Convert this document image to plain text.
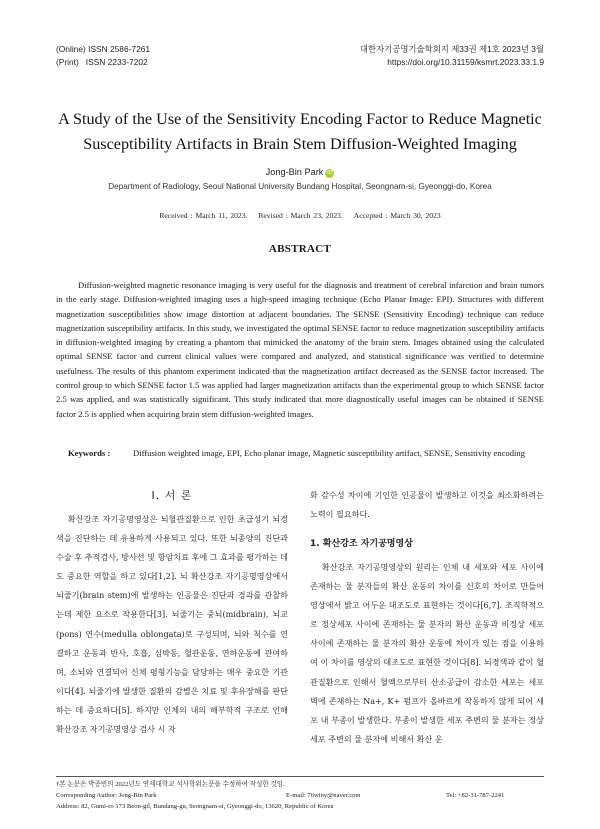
(Online) ISSN 2586-7261
(Print)   ISSN 2233-7202
대한자기공명기술학회지 제33권 제1호 2023년 3월
https://doi.org/10.31159/ksmrt.2023.33.1.9
A Study of the Use of the Sensitivity Encoding Factor to Reduce Magnetic
Susceptibility Artifacts in Brain Stem Diffusion-Weighted Imaging
Jong-Bin Park iD
Department of Radiology, Seoul National University Bundang Hospital, Seongnam-si, Gyeonggi-do, Korea
Received : March 11, 2023. Revised : March 23, 2023. Accepted : March 30, 2023
ABSTRACT
Diffusion-weighted magnetic resonance imaging is very useful for the diagnosis and treatment of cerebral infarction and brain tumors in the early stage. Diffusion-weighted imaging uses a high-speed imaging technique (Echo Planar Image: EPI). Structures with different magnetization susceptibilities show image distortion at adjacent boundaries. The SENSE (Sensitivity Encoding) technique can reduce magnetization susceptibility artifacts. In this study, we investigated the optimal SENSE factor to reduce magnetization susceptibility artifacts in diffusion-weighted imaging by creating a phantom that mimicked the anatomy of the brain stem. Images obtained using the calculated optimal SENSE factor and current clinical values were compared and analyzed, and statistical significance was verified to determine usefulness. The results of this phantom experiment indicated that the magnetization artifact decreased as the SENSE factor increased. The control group to which SENSE factor 1.5 was applied had larger magnetization artifacts than the experimental group to which SENSE factor 2.5 was applied, and was statistically significant. This study indicated that more diagnostically useful images can be obtained if SENSE factor 2.5 is applied when acquiring brain stem diffusion-weighted images.
Keywords :	Diffusion weighted image, EPI, Echo planar image, Magnetic susceptibility artifact, SENSE, Sensitivity encoding
Ⅰ. 서 론

확산강조 자기공명영상은 뇌혈관질환으로 인한 초급성기 뇌경색을 진단하는 데 유용하게 사용되고 있다. 또한 뇌종양의 진단과 수술 후 추적검사, 방사선 및 항암치료 후에 그 효과를 평가하는 데도 중요한 역할을 하고 있다[1,2]. 뇌 확산강조 자기공명영상에서 뇌줄기(brain stem)에 발생하는 인공물은 진단과 경과를 관찰하는데 제한 요소로 작용한다[3]. 뇌줄기는 중뇌(midbrain), 뇌교(pons) 연수(medulla oblongata)로 구성되며, 뇌와 척수를 연결하고 운동과 반사, 호흡, 심박동, 혈관운동, 연하운동에 관여하며, 소뇌와 연결되어 신체 평형기능을 담당하는 매우 중요한 기관이다[4]. 뇌줄기에 발생한 질환의 감별은 치료 및 후유장해를 판단하는 데 중요하다[5]. 하지만 인체의 내의 해부학적 구조로 인해 확산강조 자기공명영상 검사 시 자

화 감수성 차이에 기인한 인공물이 발생하고 이것을 최소화하려는 노력이 필요하다.

1. 확산강조 자기공명영상

확산강조 자기공명영상의 원리는 인체 내 세포와 세포 사이에 존재하는 물 분자들의 확산 운동의 차이를 신호의 차이로 만들어 영상에서 밝고 어두운 대조도로 표현하는 것이다[6,7]. 조직학적으로 정상세포 사이에 존재하는 물 분자의 확산 운동과 비정상 세포 사이에 존재하는 물 분자의 확산 운동에 차이가 있는 점을 이용하여 이 차이를 영상의 대조도로 표현한 것이다[8]. 뇌경색과 같이 혈관질환으로 인해서 혈액으로부터 산소공급이 감소한 세포는 세포벽에 존재하는 Na+, K+ 펌프가 올바르게 작동하지 않게 되어 세포 내 부종이 발생한다. 부종이 발생한 세포 주변의 물 분자는 정상세포 주변의 물 분자에 비해서 확산 운

†본 논문은 박종빈의 2022년도 연세대학교 석사학위논문을 수정하여 작성한 것임.
Corresponding Author: Jong-Bin Park	E-mail: 76winy@naver.com	Tel: +82-31-787-2241
Address: 82, Gumi-ro 173 Beon-gil, Bundang-gu, Seongnam-si, Gyeonggi-do, 13620, Republic of Korea
